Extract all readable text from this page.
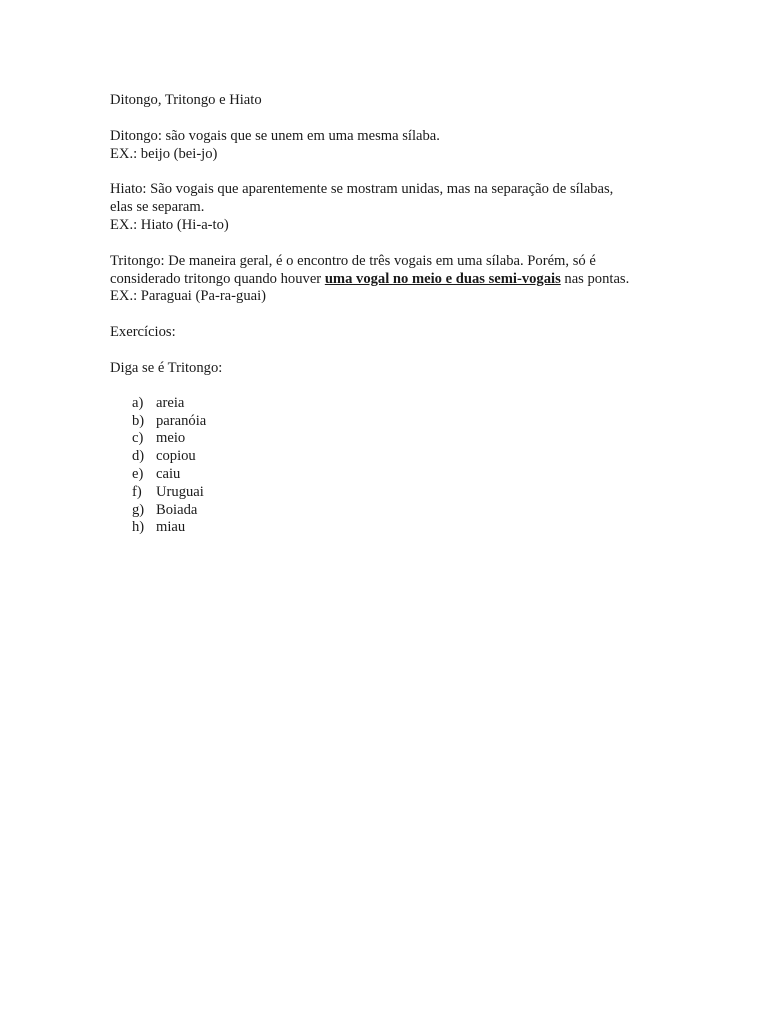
Ditongo, Tritongo e Hiato
Ditongo: são vogais que se unem em uma mesma sílaba.
EX.: beijo (bei-jo)
Hiato: São vogais que aparentemente se mostram unidas, mas na separação de sílabas,
elas se separam.
EX.: Hiato (Hi-a-to)
Tritongo: De maneira geral, é o encontro de três vogais em uma sílaba. Porém, só é
considerado tritongo quando houver uma vogal no meio e duas semi-vogais nas pontas.
EX.: Paraguai (Pa-ra-guai)
Exercícios:
Diga se é Tritongo:
a) areia
b) paranóia
c) meio
d) copiou
e) caiu
f) Uruguai
g) Boiada
h) miau
